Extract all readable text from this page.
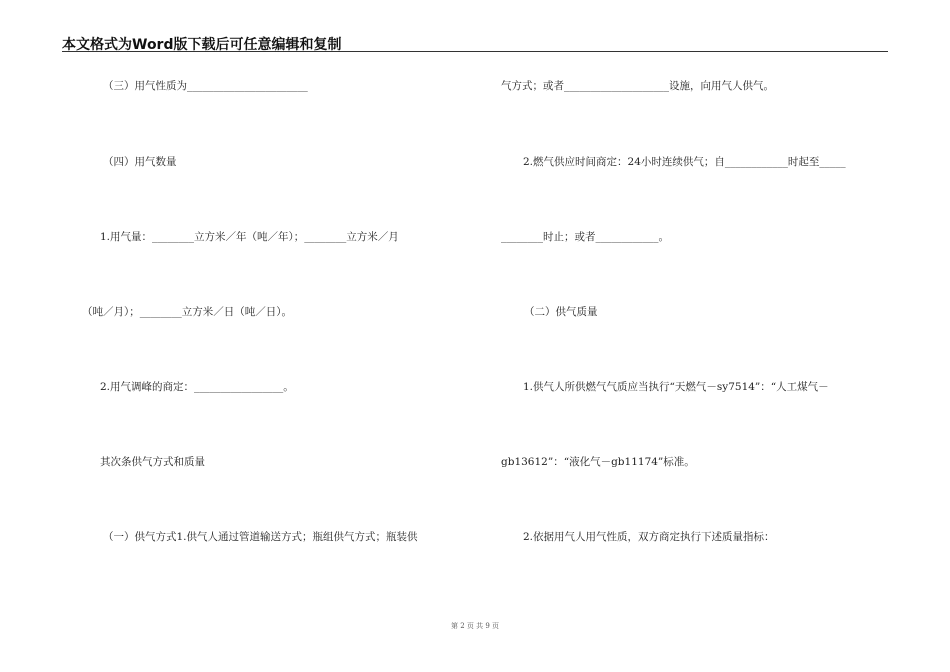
本文格式为Word版下载后可任意编辑和复制
（三）用气性质为_______________________
（四）用气数量
1.用气量：________立方米／年（吨／年）；________立方米／月
（吨／月）；________立方米／日（吨／日）。
2.用气调峰的商定：_________________。
其次条供气方式和质量
（一）供气方式1.供气人通过管道输送方式；瓶组供气方式；瓶装供
气方式；或者____________________设施，向用气人供气。
2.燃气供应时间商定：24小时连续供气；自____________时起至_____
________时止；或者____________。
（二）供气质量
1.供气人所供燃气气质应当执行“天燃气－sy7514”：“人工煤气－
gb13612”：“液化气－gb11174”标准。
2.依据用气人用气性质，双方商定执行下述质量指标：
第 2 页 共 9 页
